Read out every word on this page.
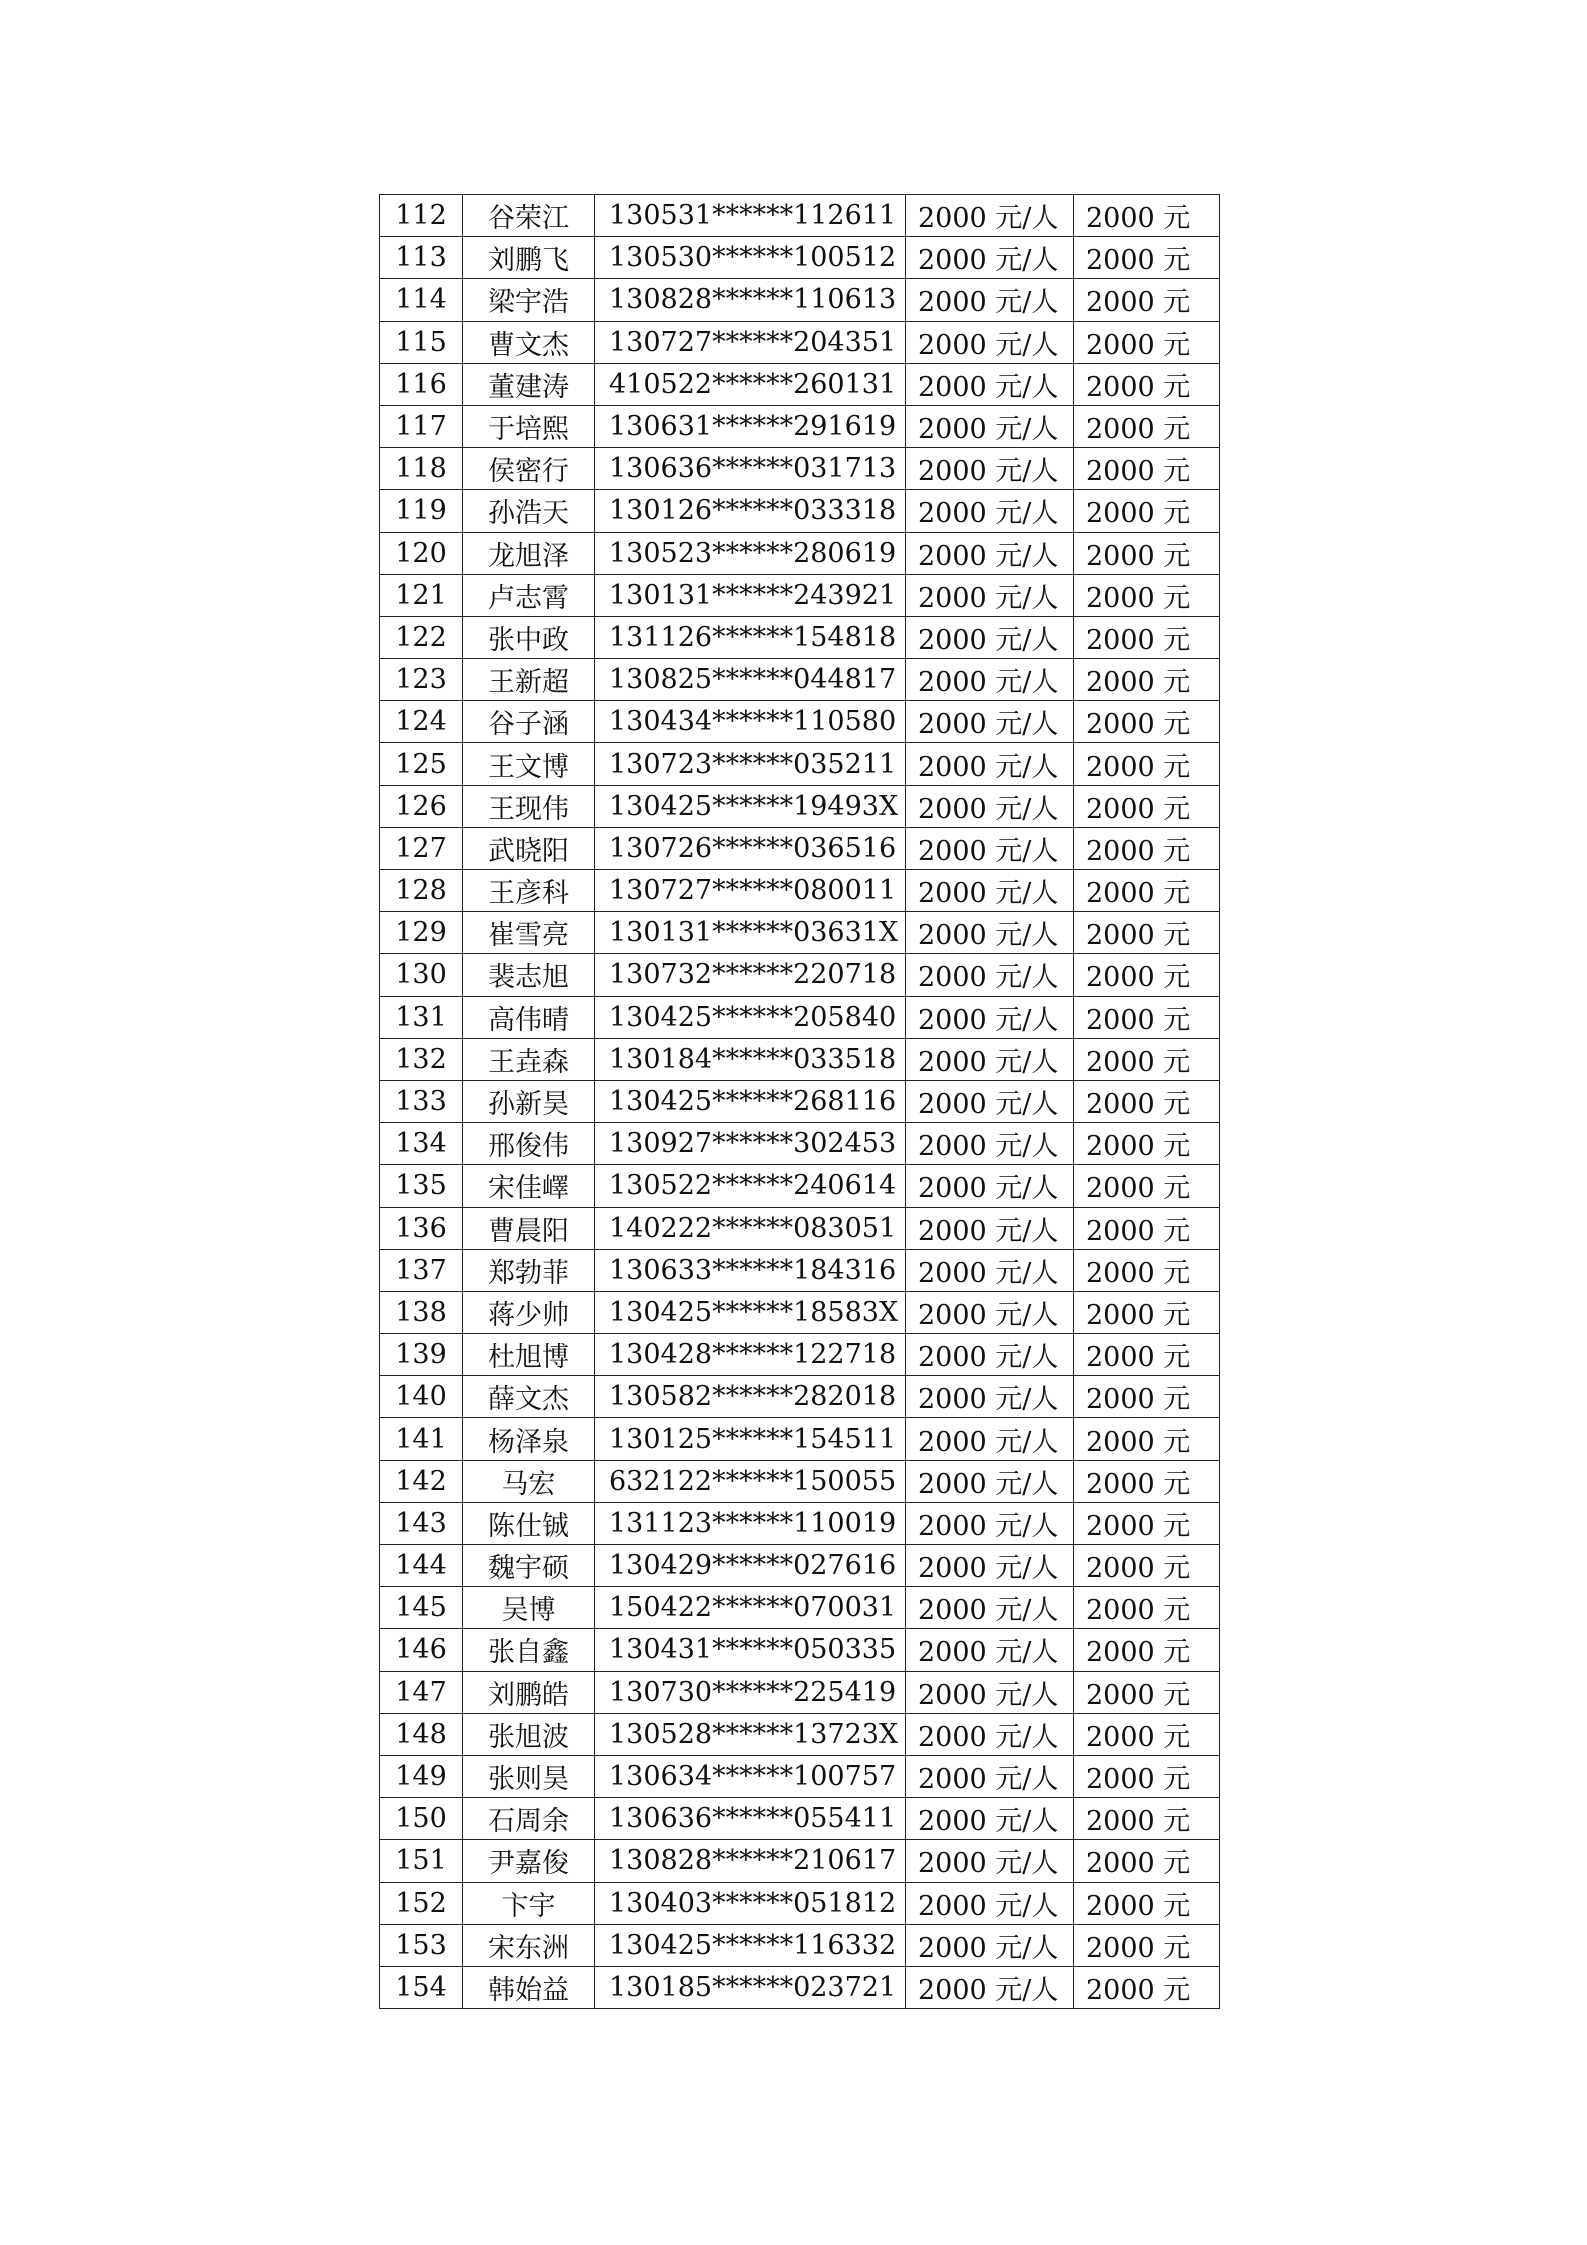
112	谷荣江	130531******112611	2000 元/人	2000 元
113	刘鹏飞	130530******100512	2000 元/人	2000 元
114	梁宇浩	130828******110613	2000 元/人	2000 元
115	曹文杰	130727******204351	2000 元/人	2000 元
116	董建涛	410522******260131	2000 元/人	2000 元
117	于培熙	130631******291619	2000 元/人	2000 元
118	侯密行	130636******031713	2000 元/人	2000 元
119	孙浩天	130126******033318	2000 元/人	2000 元
120	龙旭泽	130523******280619	2000 元/人	2000 元
121	卢志霄	130131******243921	2000 元/人	2000 元
122	张中政	131126******154818	2000 元/人	2000 元
123	王新超	130825******044817	2000 元/人	2000 元
124	谷子涵	130434******110580	2000 元/人	2000 元
125	王文博	130723******035211	2000 元/人	2000 元
126	王现伟	130425******19493X	2000 元/人	2000 元
127	武晓阳	130726******036516	2000 元/人	2000 元
128	王彦科	130727******080011	2000 元/人	2000 元
129	崔雪亮	130131******03631X	2000 元/人	2000 元
130	裴志旭	130732******220718	2000 元/人	2000 元
131	高伟晴	130425******205840	2000 元/人	2000 元
132	王垚森	130184******033518	2000 元/人	2000 元
133	孙新昊	130425******268116	2000 元/人	2000 元
134	邢俊伟	130927******302453	2000 元/人	2000 元
135	宋佳嶧	130522******240614	2000 元/人	2000 元
136	曹晨阳	140222******083051	2000 元/人	2000 元
137	郑勃菲	130633******184316	2000 元/人	2000 元
138	蒋少帅	130425******18583X	2000 元/人	2000 元
139	杜旭博	130428******122718	2000 元/人	2000 元
140	薛文杰	130582******282018	2000 元/人	2000 元
141	杨泽泉	130125******154511	2000 元/人	2000 元
142	马宏	632122******150055	2000 元/人	2000 元
143	陈仕铖	131123******110019	2000 元/人	2000 元
144	魏宇硕	130429******027616	2000 元/人	2000 元
145	吴博	150422******070031	2000 元/人	2000 元
146	张自鑫	130431******050335	2000 元/人	2000 元
147	刘鹏皓	130730******225419	2000 元/人	2000 元
148	张旭波	130528******13723X	2000 元/人	2000 元
149	张则昊	130634******100757	2000 元/人	2000 元
150	石周余	130636******055411	2000 元/人	2000 元
151	尹嘉俊	130828******210617	2000 元/人	2000 元
152	卞宇	130403******051812	2000 元/人	2000 元
153	宋东洲	130425******116332	2000 元/人	2000 元
154	韩始益	130185******023721	2000 元/人	2000 元
